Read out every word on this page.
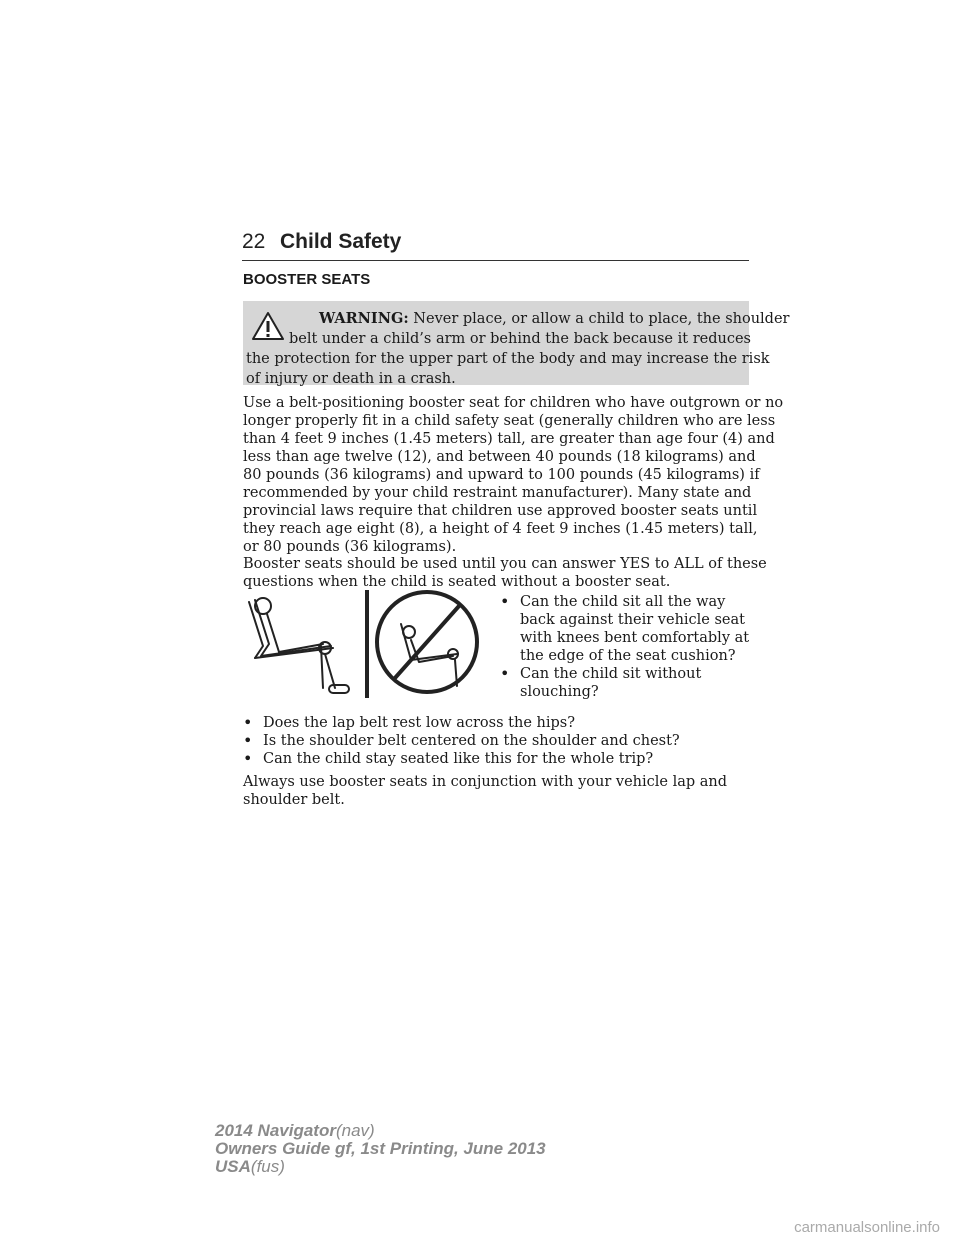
22 Child Safety
BOOSTER SEATS
WARNING: Never place, or allow a child to place, the shoulder
belt under a child’s arm or behind the back because it reduces
the protection for the upper part of the body and may increase the risk
of injury or death in a crash.
Use a belt-positioning booster seat for children who have outgrown or no
longer properly fit in a child safety seat (generally children who are less
than 4 feet 9 inches (1.45 meters) tall, are greater than age four (4) and
less than age twelve (12), and between 40 pounds (18 kilograms) and
80 pounds (36 kilograms) and upward to 100 pounds (45 kilograms) if
recommended by your child restraint manufacturer). Many state and
provincial laws require that children use approved booster seats until
they reach age eight (8), a height of 4 feet 9 inches (1.45 meters) tall,
or 80 pounds (36 kilograms).
Booster seats should be used until you can answer YES to ALL of these
questions when the child is seated without a booster seat.
• Can the child sit all the way
back against their vehicle seat
with knees bent comfortably at
the edge of the seat cushion?
• Can the child sit without
slouching?
• Does the lap belt rest low across the hips?
• Is the shoulder belt centered on the shoulder and chest?
• Can the child stay seated like this for the whole trip?
Always use booster seats in conjunction with your vehicle lap and
shoulder belt.
2014 Navigator(nav)
Owners Guide gf, 1st Printing, June 2013
USA(fus)
carmanualsonline.info
